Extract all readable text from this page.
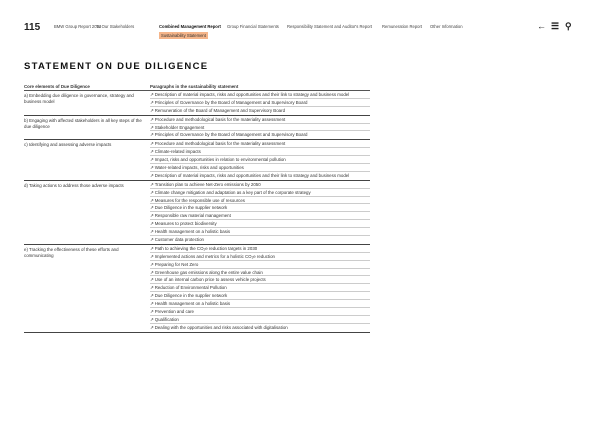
115	BMW Group Report 2024
To Our Stakeholders	Combined Management Report Group Financial Statements Responsibility Statement and Auditor's Report Remuneration Report Other Information
Sustainability Statement
← ☰ ⚲
STATEMENT ON DUE DILIGENCE
Core elements of Due Diligence	Paragraphs in the sustainability statement
a) Embedding due diligence in governance, strategy and business model
↗Description of material impacts, risks and opportunities and their link to strategy and business model
↗Principles of Governance by the Board of Management and Supervisory Board
↗Remuneration of the Board of Management and Supervisory Board
b) Engaging with affected stakeholders in all key steps of the due diligence
↗Procedure and methodological basis for the materiality assessment
↗Stakeholder Engagement
↗Principles of Governance by the Board of Management and Supervisory Board
c) Identifying and assessing adverse impacts	↗Procedure and methodological basis for the materiality assessment
↗Climate-related impacts
↗Impact, risks and opportunities in relation to environmental pollution
↗Water-related impacts, risks and opportunities
↗Description of material impacts, risks and opportunities and their link to strategy and business model
d) Taking actions to address those adverse impacts	↗Transition plan to achieve Net-Zero emissions by 2050
↗Climate change mitigation and adaptation as a key part of the corporate strategy
↗Measures for the responsible use of resources
↗Due Diligence in the supplier network
↗Responsible raw material management
↗Measures to protect biodiversity
↗Health management on a holistic basis
↗Customer data protection
e) Tracking the effectiveness of these efforts and communicating
↗Path to achieving the CO₂e reduction targets in 2030
↗Implemented actions and metrics for a holistic CO₂e reduction
↗Preparing for Net Zero
↗Greenhouse gas emissions along the entire value chain
↗Use of an internal carbon price to assess vehicle projects
↗Reduction of Environmental Pollution
↗Due Diligence in the supplier network
↗Health management on a holistic basis
↗Prevention and care
↗Qualification
↗Dealing with the opportunities and risks associated with digitalisation
